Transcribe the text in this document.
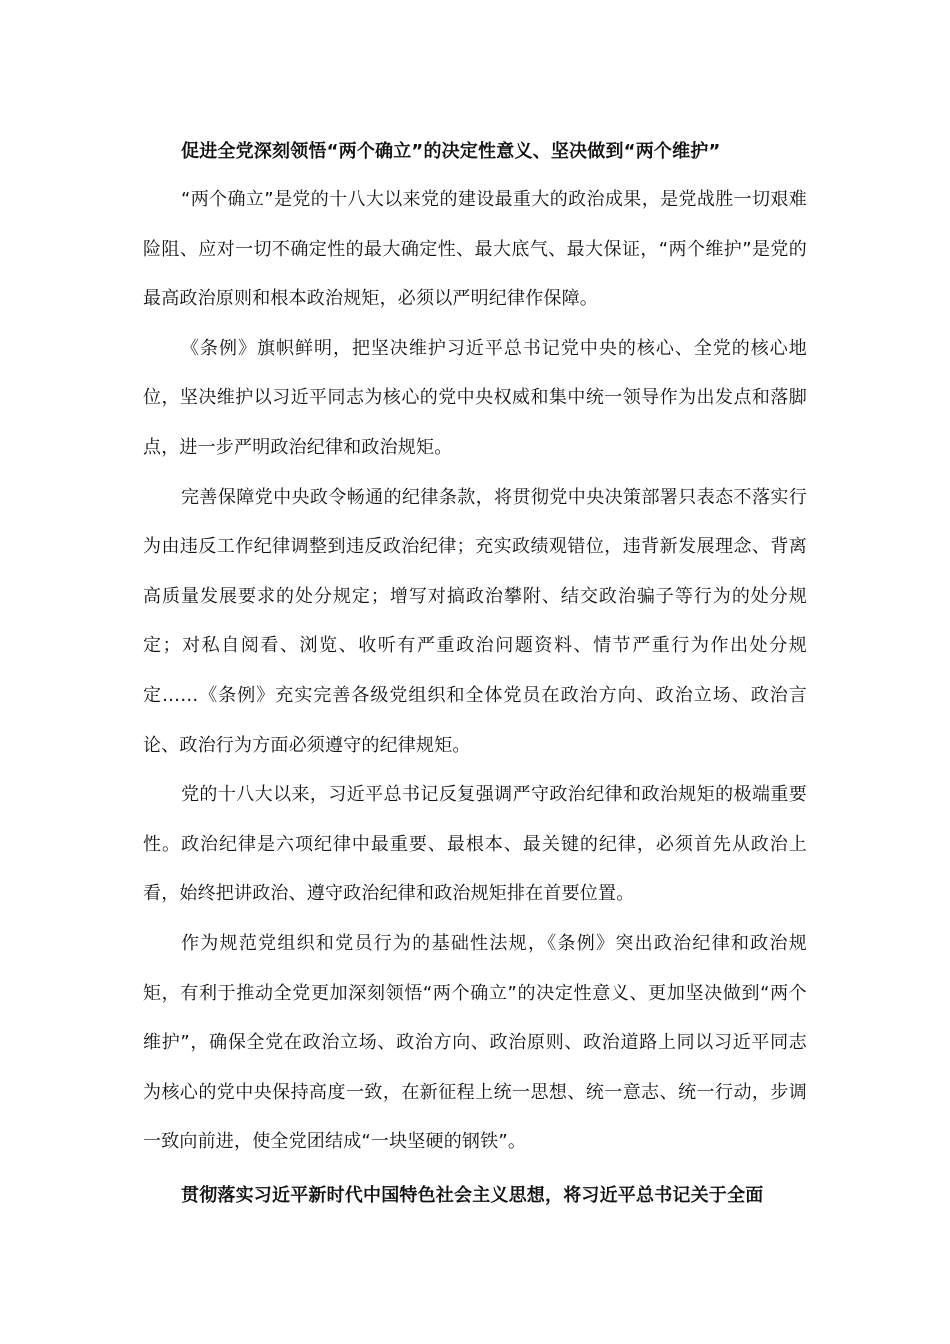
促进全党深刻领悟“两个确立”的决定性意义、坚决做到“两个维护”

“两个确立”是党的十八大以来党的建设最重大的政治成果，是党战胜一切艰难险阻、应对一切不确定性的最大确定性、最大底气、最大保证，“两个维护”是党的最高政治原则和根本政治规矩，必须以严明纪律作保障。

《条例》旗帜鲜明，把坚决维护习近平总书记党中央的核心、全党的核心地位，坚决维护以习近平同志为核心的党中央权威和集中统一领导作为出发点和落脚点，进一步严明政治纪律和政治规矩。

完善保障党中央政令畅通的纪律条款，将贯彻党中央决策部署只表态不落实行为由违反工作纪律调整到违反政治纪律；充实政绩观错位，违背新发展理念、背离高质量发展要求的处分规定；增写对搞政治攀附、结交政治骗子等行为的处分规定；对私自阅看、浏览、收听有严重政治问题资料、情节严重行为作出处分规定……《条例》充实完善各级党组织和全体党员在政治方向、政治立场、政治言论、政治行为方面必须遵守的纪律规矩。

党的十八大以来，习近平总书记反复强调严守政治纪律和政治规矩的极端重要性。政治纪律是六项纪律中最重要、最根本、最关键的纪律，必须首先从政治上看，始终把讲政治、遵守政治纪律和政治规矩排在首要位置。

作为规范党组织和党员行为的基础性法规，《条例》突出政治纪律和政治规矩，有利于推动全党更加深刻领悟“两个确立”的决定性意义、更加坚决做到“两个维护”，确保全党在政治立场、政治方向、政治原则、政治道路上同以习近平同志为核心的党中央保持高度一致，在新征程上统一思想、统一意志、统一行动，步调一致向前进，使全党团结成“一块坚硬的钢铁”。

贯彻落实习近平新时代中国特色社会主义思想，将习近平总书记关于全面
